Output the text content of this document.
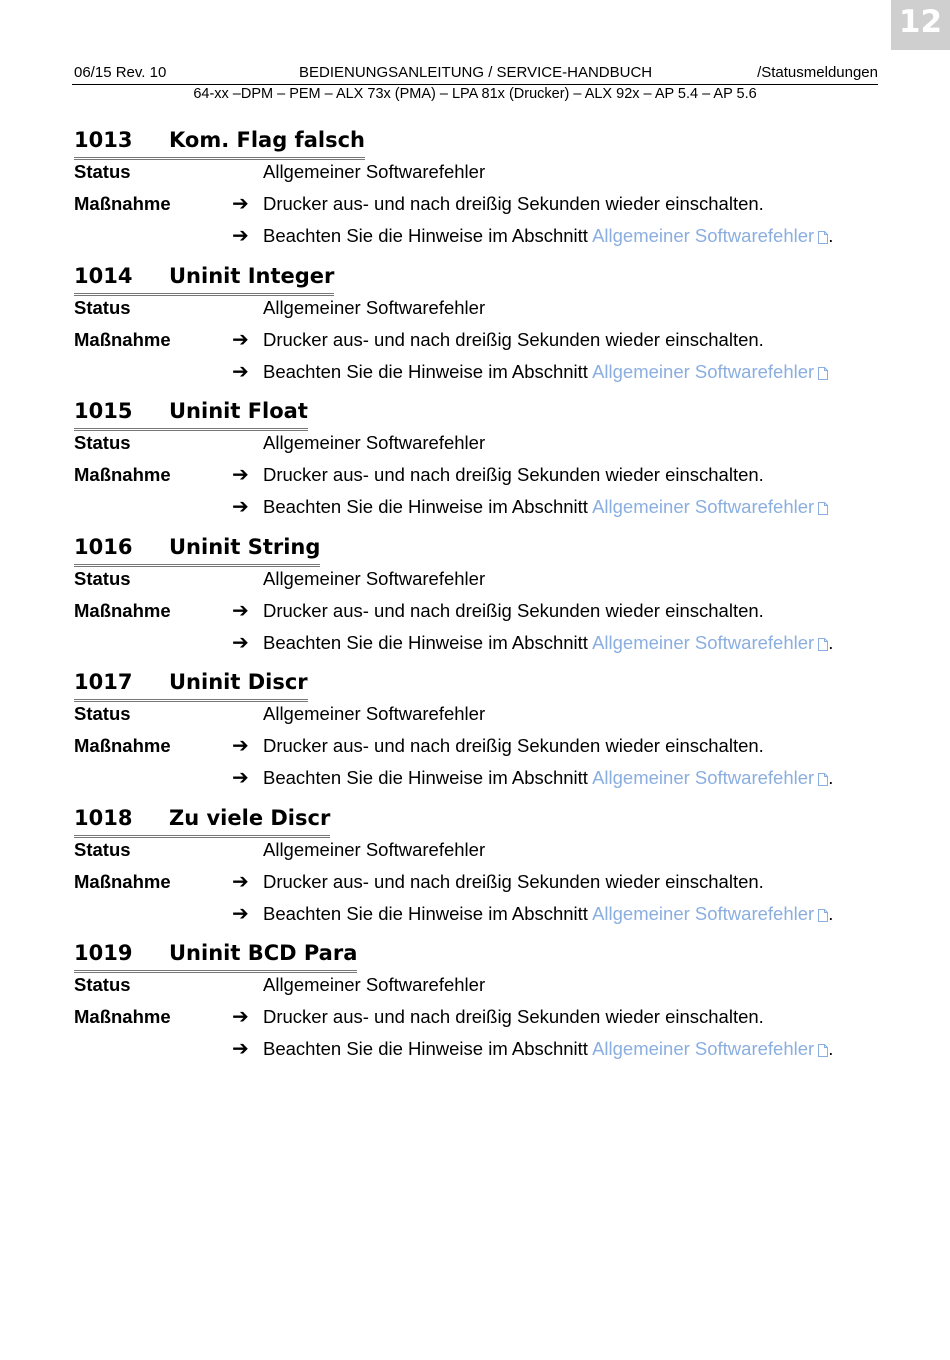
12
06/15 Rev. 10	BEDIENUNGSANLEITUNG / SERVICE-HANDBUCH	/Statusmeldungen
64-xx –DPM – PEM – ALX 73x (PMA) – LPA 81x (Drucker) – ALX 92x – AP 5.4 – AP 5.6
1013 Kom. Flag falsch
Status	Allgemeiner Softwarefehler
Maßnahme	➔ Drucker aus- und nach dreißig Sekunden wieder einschalten.
➔ Beachten Sie die Hinweise im Abschnitt Allgemeiner Softwarefehler .
1014 Uninit Integer
Status	Allgemeiner Softwarefehler
Maßnahme	➔ Drucker aus- und nach dreißig Sekunden wieder einschalten.
➔ Beachten Sie die Hinweise im Abschnitt Allgemeiner Softwarefehler
1015 Uninit Float
Status	Allgemeiner Softwarefehler
Maßnahme	➔ Drucker aus- und nach dreißig Sekunden wieder einschalten.
➔ Beachten Sie die Hinweise im Abschnitt Allgemeiner Softwarefehler
1016 Uninit String
Status	Allgemeiner Softwarefehler
Maßnahme	➔ Drucker aus- und nach dreißig Sekunden wieder einschalten.
➔ Beachten Sie die Hinweise im Abschnitt Allgemeiner Softwarefehler .
1017 Uninit Discr
Status	Allgemeiner Softwarefehler
Maßnahme	➔ Drucker aus- und nach dreißig Sekunden wieder einschalten.
➔ Beachten Sie die Hinweise im Abschnitt Allgemeiner Softwarefehler .
1018 Zu viele Discr
Status	Allgemeiner Softwarefehler
Maßnahme	➔ Drucker aus- und nach dreißig Sekunden wieder einschalten.
➔ Beachten Sie die Hinweise im Abschnitt Allgemeiner Softwarefehler .
1019 Uninit BCD Para
Status	Allgemeiner Softwarefehler
Maßnahme	➔ Drucker aus- und nach dreißig Sekunden wieder einschalten.
➔ Beachten Sie die Hinweise im Abschnitt Allgemeiner Softwarefehler .
